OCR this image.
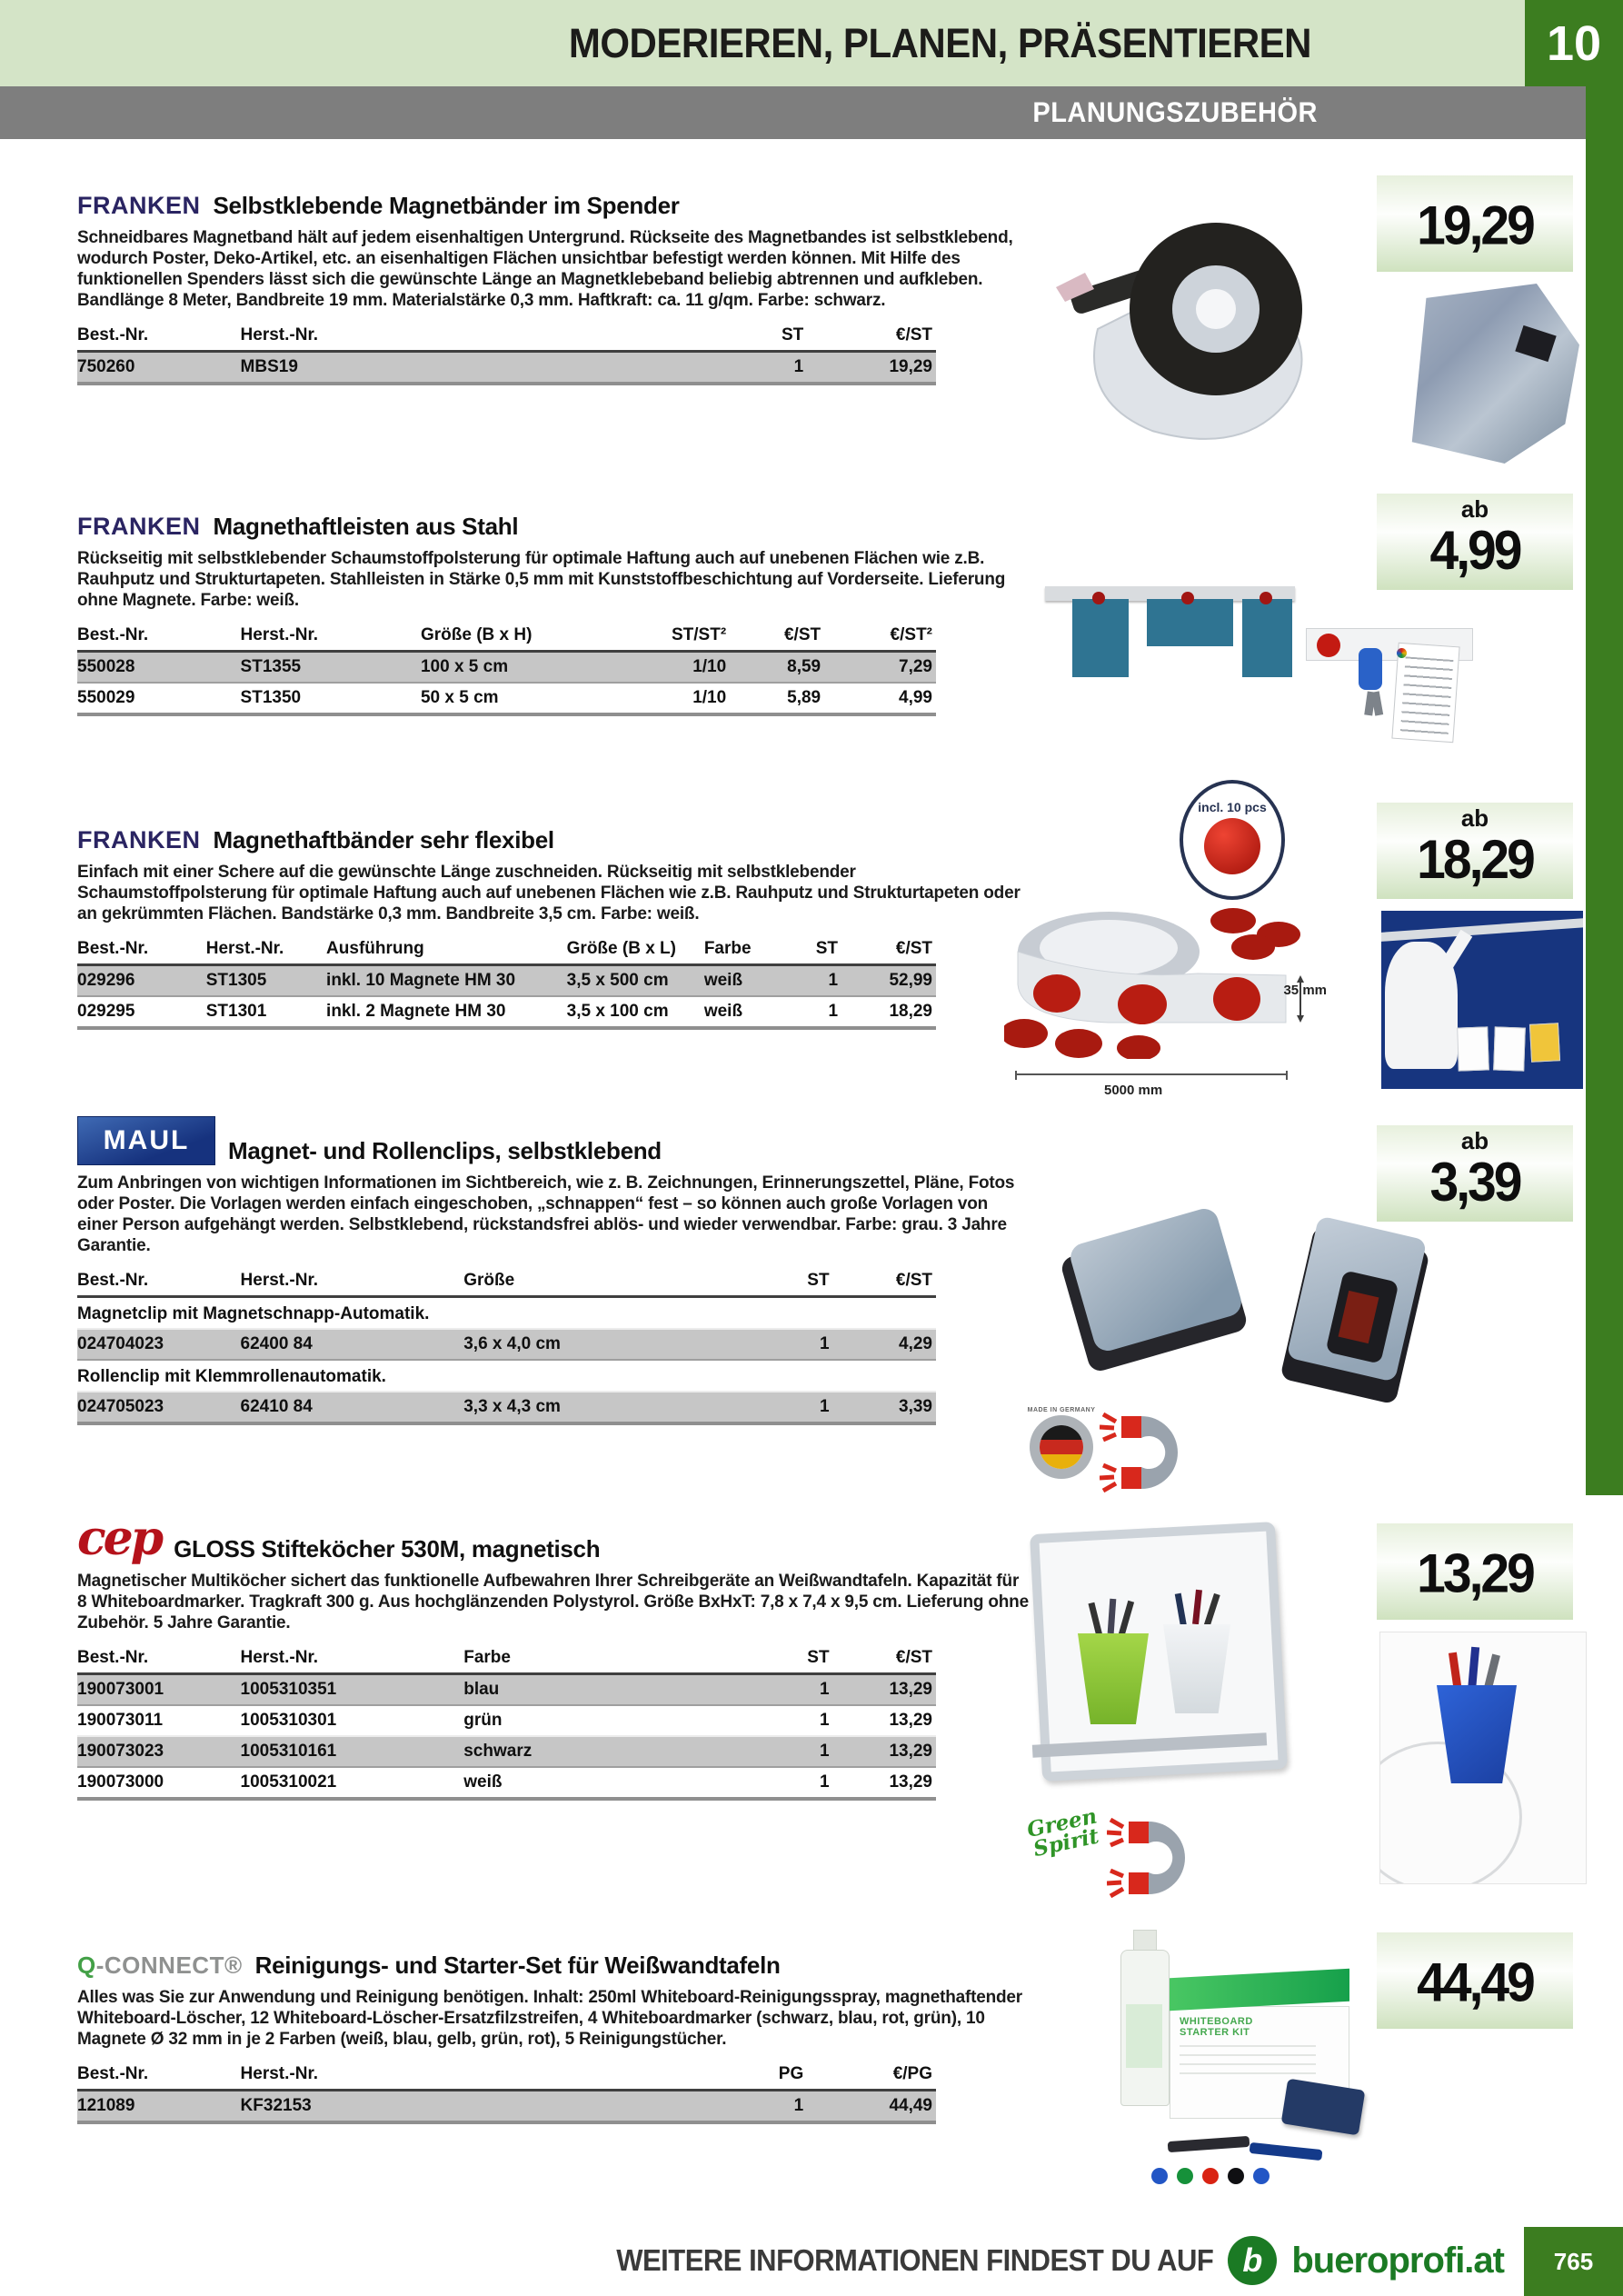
MODERIEREN, PLANEN, PRÄSENTIEREN	10
PLANUNGSZUBEHÖR
FRANKEN Selbstklebende Magnetbänder im Spender

Schneidbares Magnetband hält auf jedem eisenhaltigen Untergrund. Rückseite des Magnetbandes ist selbstklebend, wodurch Poster, Deko-Artikel, etc. an eisenhaltigen Flächen unsichtbar befestigt werden können. Mit Hilfe des funktionellen Spenders lässt sich die gewünschte Länge an Magnetklebeband beliebig abtrennen und aufkleben. Bandlänge 8 Meter, Bandbreite 19 mm. Materialstärke 0,3 mm. Haftkraft: ca. 11 g/qm. Farbe: schwarz.

Best.-Nr.	Herst.-Nr.	ST	€/ST
750260	MBS19	1	19,29
19,29
FRANKEN Magnethaftleisten aus Stahl

Rückseitig mit selbstklebender Schaumstoffpolsterung für optimale Haftung auch auf unebenen Flächen wie z.B. Rauhputz und Strukturtapeten. Stahlleisten in Stärke 0,5 mm mit Kunststoffbeschichtung auf Vorderseite. Lieferung ohne Magnete. Farbe: weiß.

Best.-Nr.	Herst.-Nr.	Größe (B x H)	ST/ST²	€/ST	€/ST²
550028	ST1355	100 x 5 cm	1/10	8,59	7,29
550029	ST1350	50 x 5 cm	1/10	5,89	4,99
ab
4,99
FRANKEN Magnethaftbänder sehr flexibel

Einfach mit einer Schere auf die gewünschte Länge zuschneiden. Rückseitig mit selbstklebender Schaumstoffpolsterung für optimale Haftung auch auf unebenen Flächen wie z.B. Rauhputz und Strukturtapeten oder an gekrümmten Flächen. Bandstärke 0,3 mm. Bandbreite 3,5 cm. Farbe: weiß.

Best.-Nr.	Herst.-Nr.	Ausführung	Größe (B x L)	Farbe	ST	€/ST
029296	ST1305	inkl. 10 Magnete HM 30	3,5 x 500 cm	weiß	1	52,99
029295	ST1301	inkl. 2 Magnete HM 30	3,5 x 100 cm	weiß	1	18,29
ab
18,29
MAUL Magnet- und Rollenclips, selbstklebend

Zum Anbringen von wichtigen Informationen im Sichtbereich, wie z. B. Zeichnungen, Erinnerungszettel, Pläne, Fotos oder Poster. Die Vorlagen werden einfach eingeschoben, „schnappen“ fest – so können auch große Vorlagen von einer Person aufgehängt werden. Selbstklebend, rückstandsfrei ablös- und wieder verwendbar. Farbe: grau. 3 Jahre Garantie.

Best.-Nr.	Herst.-Nr.	Größe	ST	€/ST
Magnetclip mit Magnetschnapp-Automatik.				
024704023	62400 84	3,6 x 4,0 cm	1	4,29
Rollenclip mit Klemmrollenautomatik.				
024705023	62410 84	3,3 x 4,3 cm	1	3,39
ab
3,39
cep GLOSS Stifteköcher 530M, magnetisch

Magnetischer Multiköcher sichert das funktionelle Aufbewahren Ihrer Schreibgeräte an Weißwandtafeln. Kapazität für 8 Whiteboardmarker. Tragkraft 300 g. Aus hochglänzenden Polystyrol. Größe BxHxT: 7,8 x 7,4 x 9,5 cm. Lieferung ohne Zubehör. 5 Jahre Garantie.

Best.-Nr.	Herst.-Nr.	Farbe	ST	€/ST
190073001	1005310351	blau	1	13,29
190073011	1005310301	grün	1	13,29
190073023	1005310161	schwarz	1	13,29
190073000	1005310021	weiß	1	13,29
13,29
Q-CONNECT® Reinigungs- und Starter-Set für Weißwandtafeln

Alles was Sie zur Anwendung und Reinigung benötigen. Inhalt: 250ml Whiteboard-Reinigungsspray, magnethaftender Whiteboard-Löscher, 12 Whiteboard-Löscher-Ersatzfilzstreifen, 4 Whiteboardmarker (schwarz, blau, rot, grün), 10 Magnete Ø 32 mm in je 2 Farben (weiß, blau, gelb, grün, rot), 5 Reinigungstücher.

Best.-Nr.	Herst.-Nr.	PG	€/PG
121089	KF32153	1	44,49
44,49
incl. 10 pcs
35 mm
5000 mm
MADE IN GERMANY
Green Spirit
WHITEBOARD STARTER KIT
WEITERE INFORMATIONEN FINDEST DU AUF b bueroprofi.at 765
